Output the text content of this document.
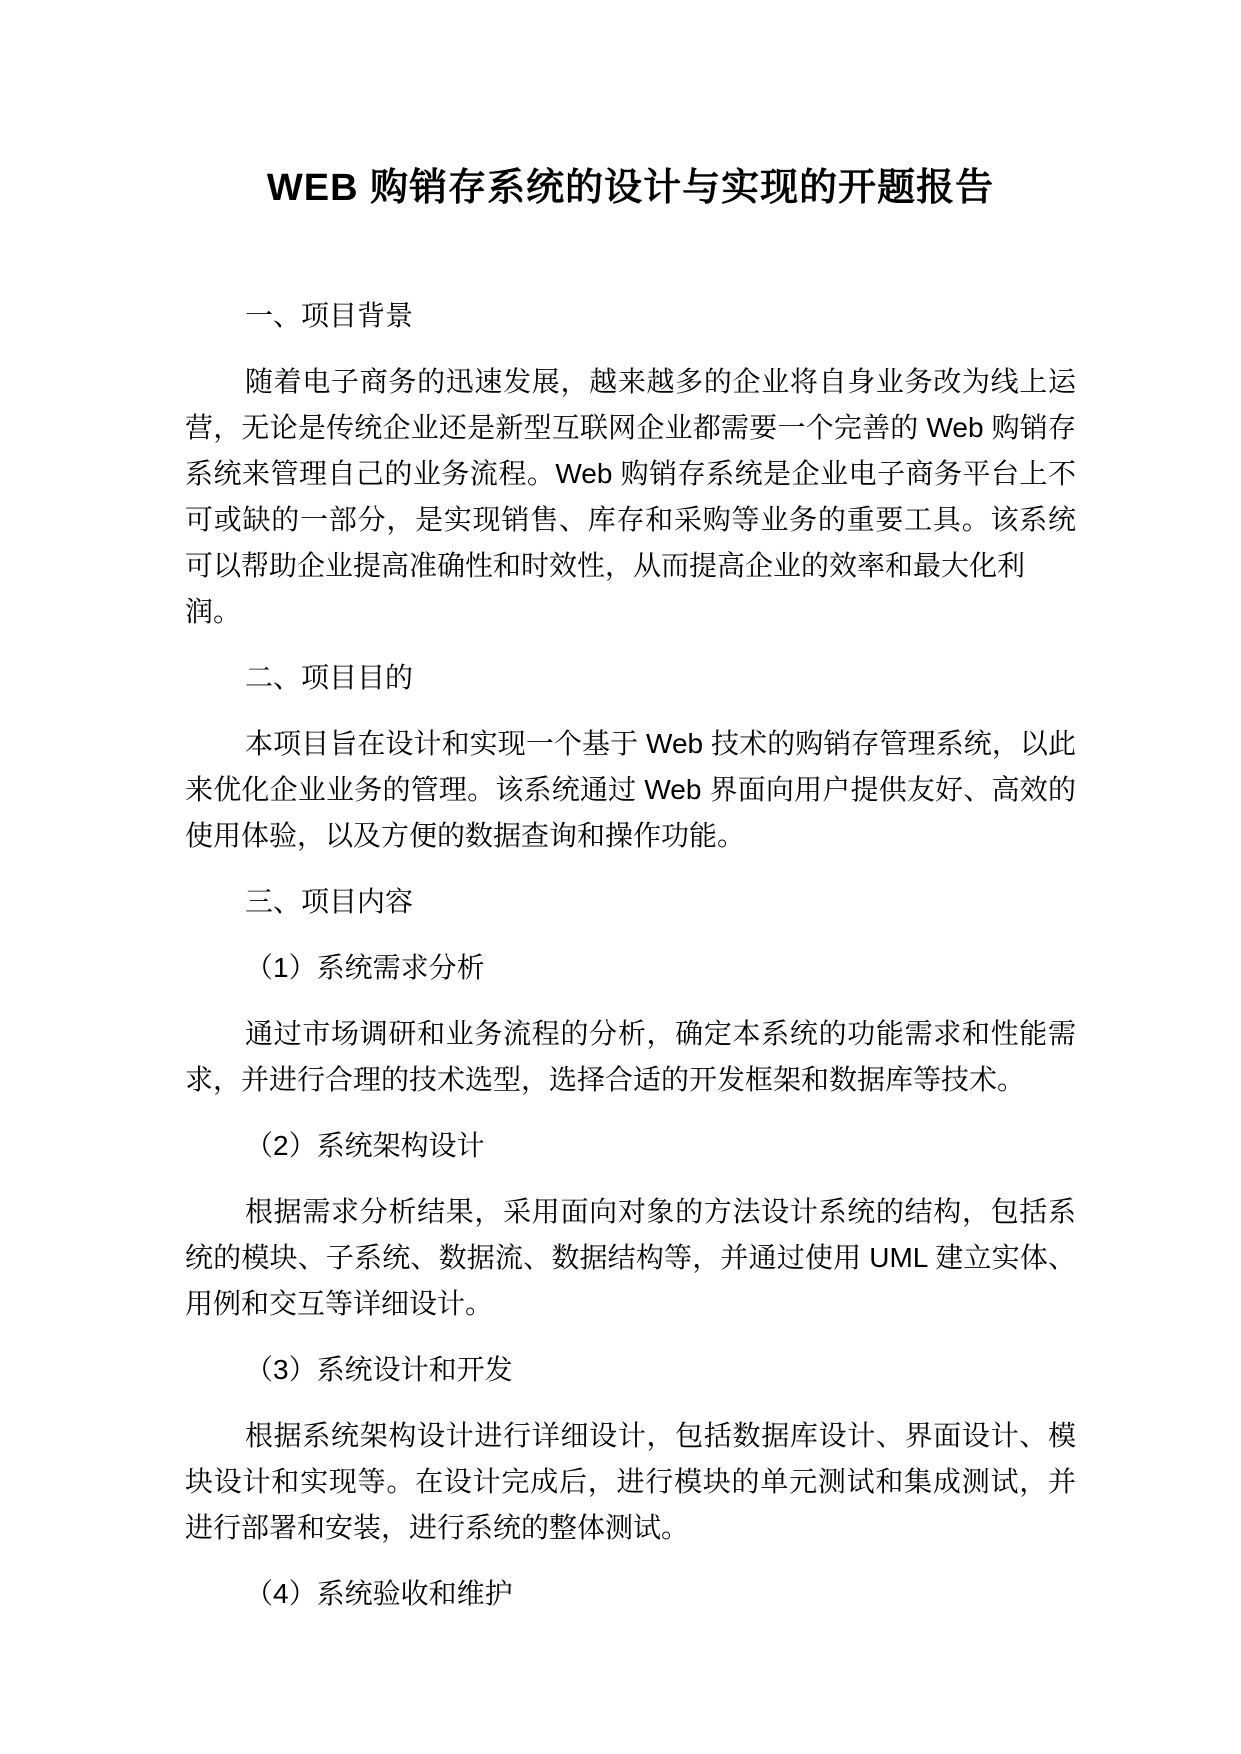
WEB 购销存系统的设计与实现的开题报告
一、项目背景
随着电子商务的迅速发展，越来越多的企业将自身业务改为线上运
营，无论是传统企业还是新型互联网企业都需要一个完善的 Web 购销存
系统来管理自己的业务流程。Web 购销存系统是企业电子商务平台上不
可或缺的一部分，是实现销售、库存和采购等业务的重要工具。该系统
可以帮助企业提高准确性和时效性，从而提高企业的效率和最大化利润。
二、项目目的
本项目旨在设计和实现一个基于 Web 技术的购销存管理系统，以此
来优化企业业务的管理。该系统通过 Web 界面向用户提供友好、高效的
使用体验，以及方便的数据查询和操作功能。
三、项目内容
（1）系统需求分析
通过市场调研和业务流程的分析，确定本系统的功能需求和性能需
求，并进行合理的技术选型，选择合适的开发框架和数据库等技术。
（2）系统架构设计
根据需求分析结果，采用面向对象的方法设计系统的结构，包括系
统的模块、子系统、数据流、数据结构等，并通过使用 UML 建立实体、
用例和交互等详细设计。
（3）系统设计和开发
根据系统架构设计进行详细设计，包括数据库设计、界面设计、模
块设计和实现等。在设计完成后，进行模块的单元测试和集成测试，并
进行部署和安装，进行系统的整体测试。
（4）系统验收和维护
